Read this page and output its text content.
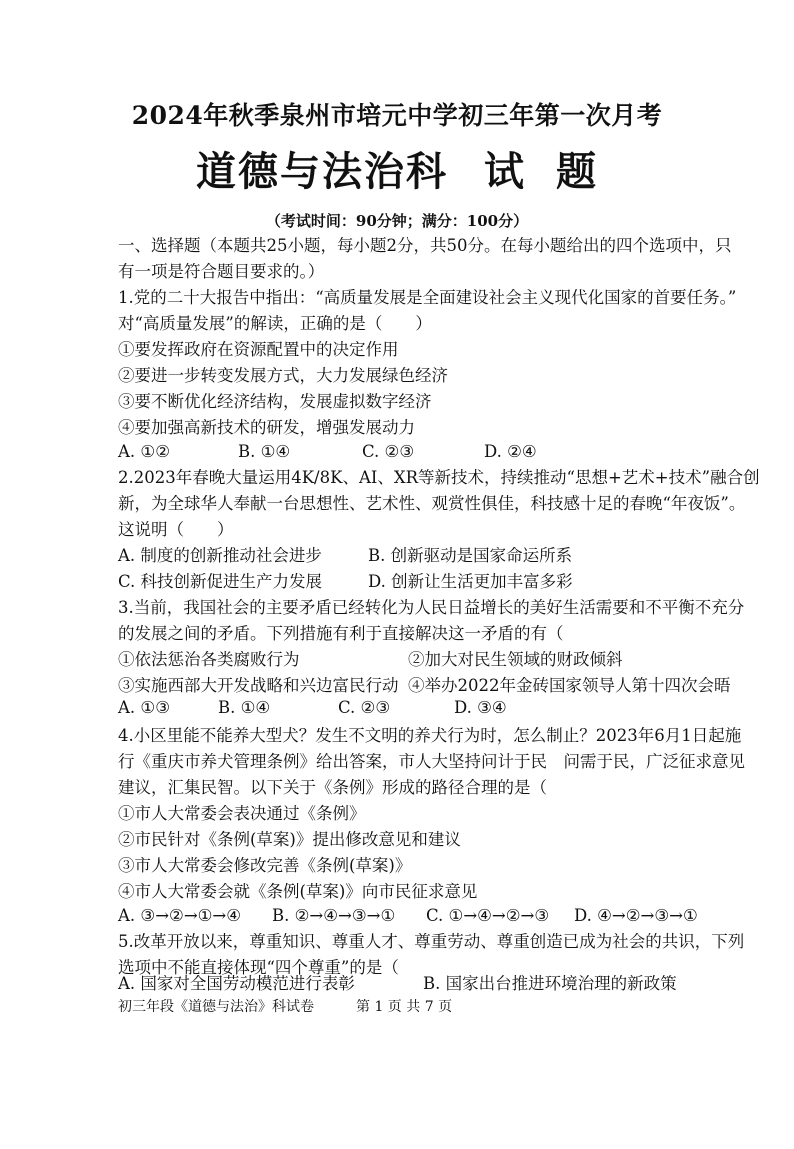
2024年秋季泉州市培元中学初三年第一次月考
道德与法治科 试 题
（考试时间：90分钟；满分：100分）
一、选择题（本题共25小题，每小题2分，共50分。在每小题给出的四个选项中，只
有一项是符合题目要求的。）
1.党的二十大报告中指出：“高质量发展是全面建设社会主义现代化国家的首要任务。”
对“高质量发展”的解读，正确的是（　　）
①要发挥政府在资源配置中的决定作用
②要进一步转变发展方式，大力发展绿色经济
③要不断优化经济结构，发展虚拟数字经济
④要加强高新技术的研发，增强发展动力
A. ①②	B. ①④	C. ②③	D. ②④
2.2023年春晚大量运用4K/8K、AI、XR等新技术，持续推动“思想+艺术+技术”融合创
新，为全球华人奉献一台思想性、艺术性、观赏性俱佳，科技感十足的春晚“年夜饭”。
这说明（　　）
A. 制度的创新推动社会进步	B. 创新驱动是国家命运所系
C. 科技创新促进生产力发展	D. 创新让生活更加丰富多彩
3.当前，我国社会的主要矛盾已经转化为人民日益增长的美好生活需要和不平衡不充分
的发展之间的矛盾。下列措施有利于直接解决这一矛盾的有（
①依法惩治各类腐败行为	②加大对民生领域的财政倾斜
③实施西部大开发战略和兴边富民行动 ④举办2022年金砖国家领导人第十四次会晤
A. ①③	B. ①④	C. ②③	D. ③④
4.小区里能不能养大型犬？发生不文明的养犬行为时，怎么制止？2023年6月1日起施
行《重庆市养犬管理条例》给出答案，市人大坚持问计于民　问需于民，广泛征求意见
建议，汇集民智。以下关于《条例》形成的路径合理的是（
①市人大常委会表决通过《条例》
②市民针对《条例(草案)》提出修改意见和建议
③市人大常委会修改完善《条例(草案)》
④市人大常委会就《条例(草案)》向市民征求意见
A. ③→②→①→④ B. ②→④→③→① C. ①→④→②→③ D. ④→②→③→①
5.改革开放以来，尊重知识、尊重人才、尊重劳动、尊重创造已成为社会的共识，下列
选项中不能直接体现“四个尊重”的是（
A. 国家对全国劳动模范进行表彰	B. 国家出台推进环境治理的新政策
初三年段《道德与法治》科试卷	第 1 页 共 7 页
